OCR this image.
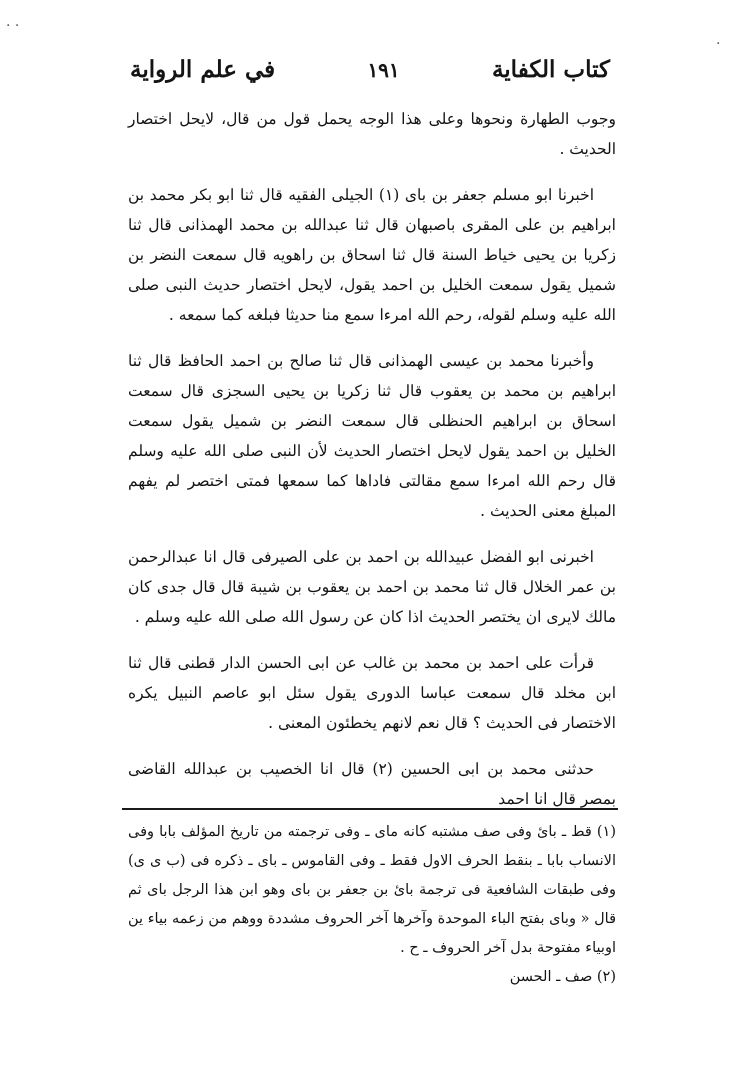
· ·
·
كتاب الكفاية
١٩١
في علم الرواية

وجوب الطهارة ونحوها وعلى هذا الوجه يحمل قول من قال، لايحل اختصار الحديث .

اخبرنا ابو مسلم جعفر بن باى (١) الجيلى الفقيه قال ثنا ابو بكر محمد بن ابراهيم بن على المقرى باصبهان قال ثنا عبدالله بن محمد الهمذانى قال ثنا زكريا بن يحيى خياط السنة قال ثنا اسحاق بن راهويه قال سمعت النضر بن شميل يقول سمعت الخليل بن احمد يقول، لايحل اختصار حديث النبى صلى الله عليه وسلم لقوله، رحم الله امرءا سمع منا حديثا فبلغه كما سمعه .

وأخبرنا محمد بن عيسى الهمذانى قال ثنا صالح بن احمد الحافظ قال ثنا ابراهيم بن محمد بن يعقوب قال ثنا زكريا بن يحيى السجزى قال سمعت اسحاق بن ابراهيم الحنظلى قال سمعت النضر بن شميل يقول سمعت الخليل بن احمد يقول لايحل اختصار الحديث لأن النبى صلى الله عليه وسلم قال رحم الله امرءا سمع مقالتى فاداها كما سمعها فمتى اختصر لم يفهم المبلغ معنى الحديث .

اخبرنى ابو الفضل عبيدالله بن احمد بن على الصيرفى قال انا عبدالرحمن بن عمر الخلال قال ثنا محمد بن احمد بن يعقوب بن شيبة قال قال جدى كان مالك لايرى ان يختصر الحديث اذا كان عن رسول الله صلى الله عليه وسلم .

قرأت على احمد بن محمد بن غالب عن ابى الحسن الدار قطنى قال ثنا ابن مخلد قال سمعت عباسا الدورى يقول سئل ابو عاصم النبيل يكره الاختصار فى الحديث ؟ قال نعم لانهم يخطئون المعنى .

حدثنى محمد بن ابى الحسين (٢) قال انا الخصيب بن عبدالله القاضى بمصر قال انا احمد

(١) قط ـ بائ وفى صف مشتبه كانه ماى ـ وفى ترجمته من تاريخ المؤلف بابا وفى الانساب بابا ـ بنقط الحرف الاول فقط ـ وفى القاموس ـ باى ـ ذكره فى (ب ى ى) وفى طبقات الشافعية فى ترجمة بائ بن جعفر بن باى وهو ابن هذا الرجل باى ثم قال « وباى بفتح الباء الموحدة وآخرها آخر الحروف مشددة ووهم من زعمه بياء ين اوبياء مفتوحة بدل آخر الحروف ـ ح .

(٢) صف ـ الحسن
